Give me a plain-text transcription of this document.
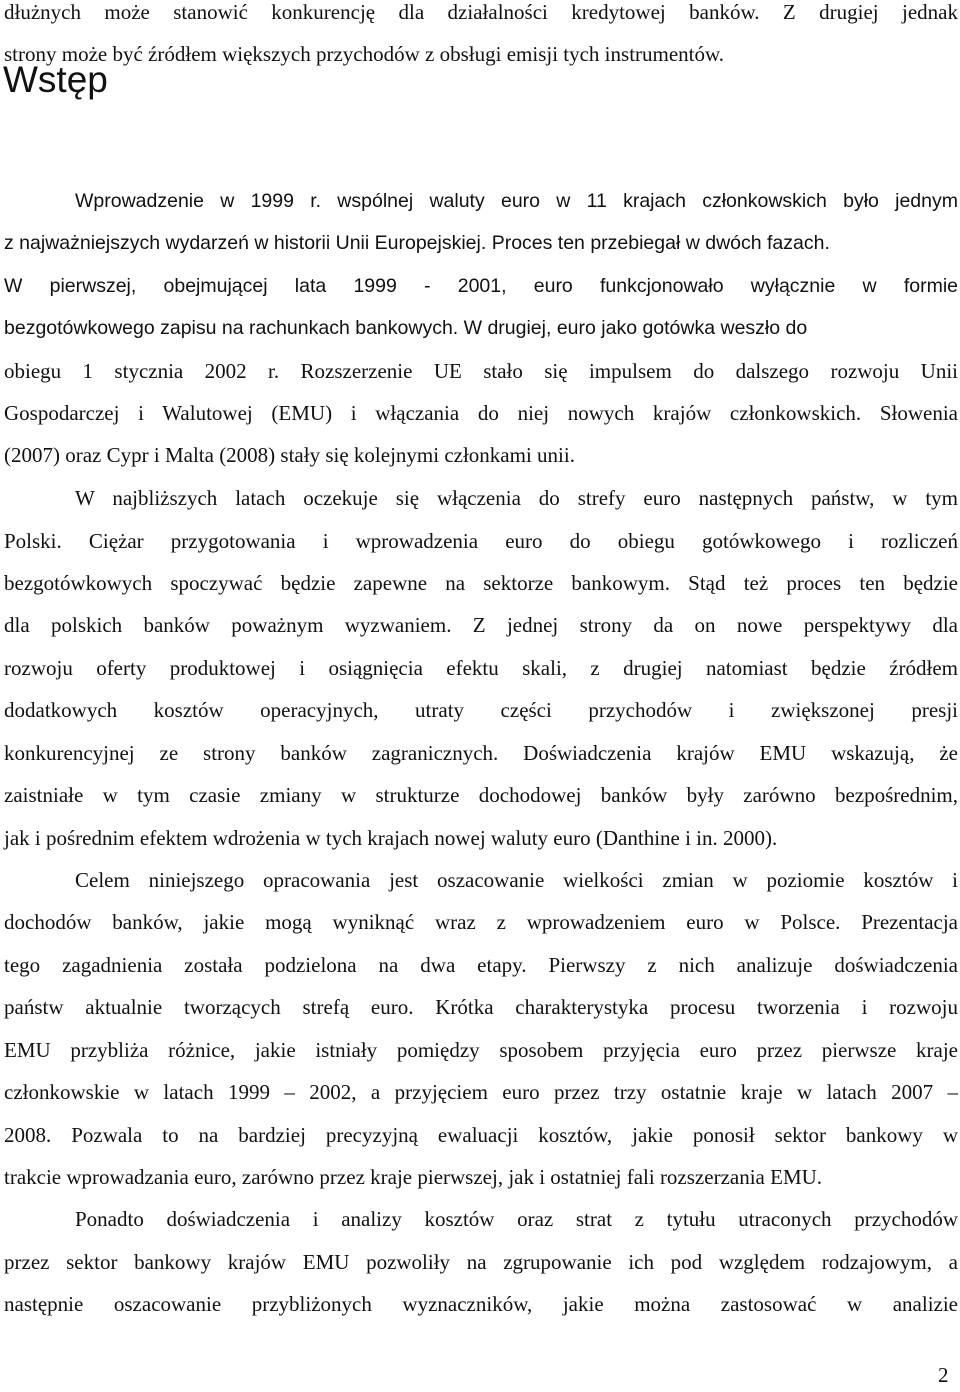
dłużnych może stanowić konkurencję dla działalności kredytowej banków. Z drugiej jednak
strony może być źródłem większych przychodów z obsługi emisji tych instrumentów.
Wstęp
Wprowadzenie w 1999 r. wspólnej waluty euro w 11 krajach członkowskich było jednym
z najważniejszych wydarzeń w historii Unii Europejskiej. Proces ten przebiegał w dwóch fazach.
W pierwszej, obejmującej lata 1999 - 2001, euro funkcjonowało wyłącznie w formie
bezgotówkowego zapisu na rachunkach bankowych. W drugiej, euro jako gotówka weszło do
obiegu 1 stycznia 2002 r. Rozszerzenie UE stało się impulsem do dalszego rozwoju Unii
Gospodarczej i Walutowej (EMU) i włączania do niej nowych krajów członkowskich. Słowenia
(2007) oraz Cypr i Malta (2008) stały się kolejnymi członkami unii.
W najbliższych latach oczekuje się włączenia do strefy euro następnych państw, w tym
Polski. Ciężar przygotowania i wprowadzenia euro do obiegu gotówkowego i rozliczeń
bezgotówkowych spoczywać będzie zapewne na sektorze bankowym. Stąd też proces ten będzie
dla polskich banków poważnym wyzwaniem. Z jednej strony da on nowe perspektywy dla
rozwoju oferty produktowej i osiągnięcia efektu skali, z drugiej natomiast będzie źródłem
dodatkowych kosztów operacyjnych, utraty części przychodów i zwiększonej presji
konkurencyjnej ze strony banków zagranicznych. Doświadczenia krajów EMU wskazują, że
zaistniałe w tym czasie zmiany w strukturze dochodowej banków były zarówno bezpośrednim,
jak i pośrednim efektem wdrożenia w tych krajach nowej waluty euro (Danthine i in. 2000).
Celem niniejszego opracowania jest oszacowanie wielkości zmian w poziomie kosztów i
dochodów banków, jakie mogą wyniknąć wraz z wprowadzeniem euro w Polsce. Prezentacja
tego zagadnienia została podzielona na dwa etapy. Pierwszy z nich analizuje doświadczenia
państw aktualnie tworzących strefą euro. Krótka charakterystyka procesu tworzenia i rozwoju
EMU przybliża różnice, jakie istniały pomiędzy sposobem przyjęcia euro przez pierwsze kraje
członkowskie w latach 1999 – 2002, a przyjęciem euro przez trzy ostatnie kraje w latach 2007 –
2008. Pozwala to na bardziej precyzyjną ewaluacji kosztów, jakie ponosił sektor bankowy w
trakcie wprowadzania euro, zarówno przez kraje pierwszej, jak i ostatniej fali rozszerzania EMU.
Ponadto doświadczenia i analizy kosztów oraz strat z tytułu utraconych przychodów
przez sektor bankowy krajów EMU pozwoliły na zgrupowanie ich pod względem rodzajowym, a
następnie oszacowanie przybliżonych wyznaczników, jakie można zastosować w analizie
2
